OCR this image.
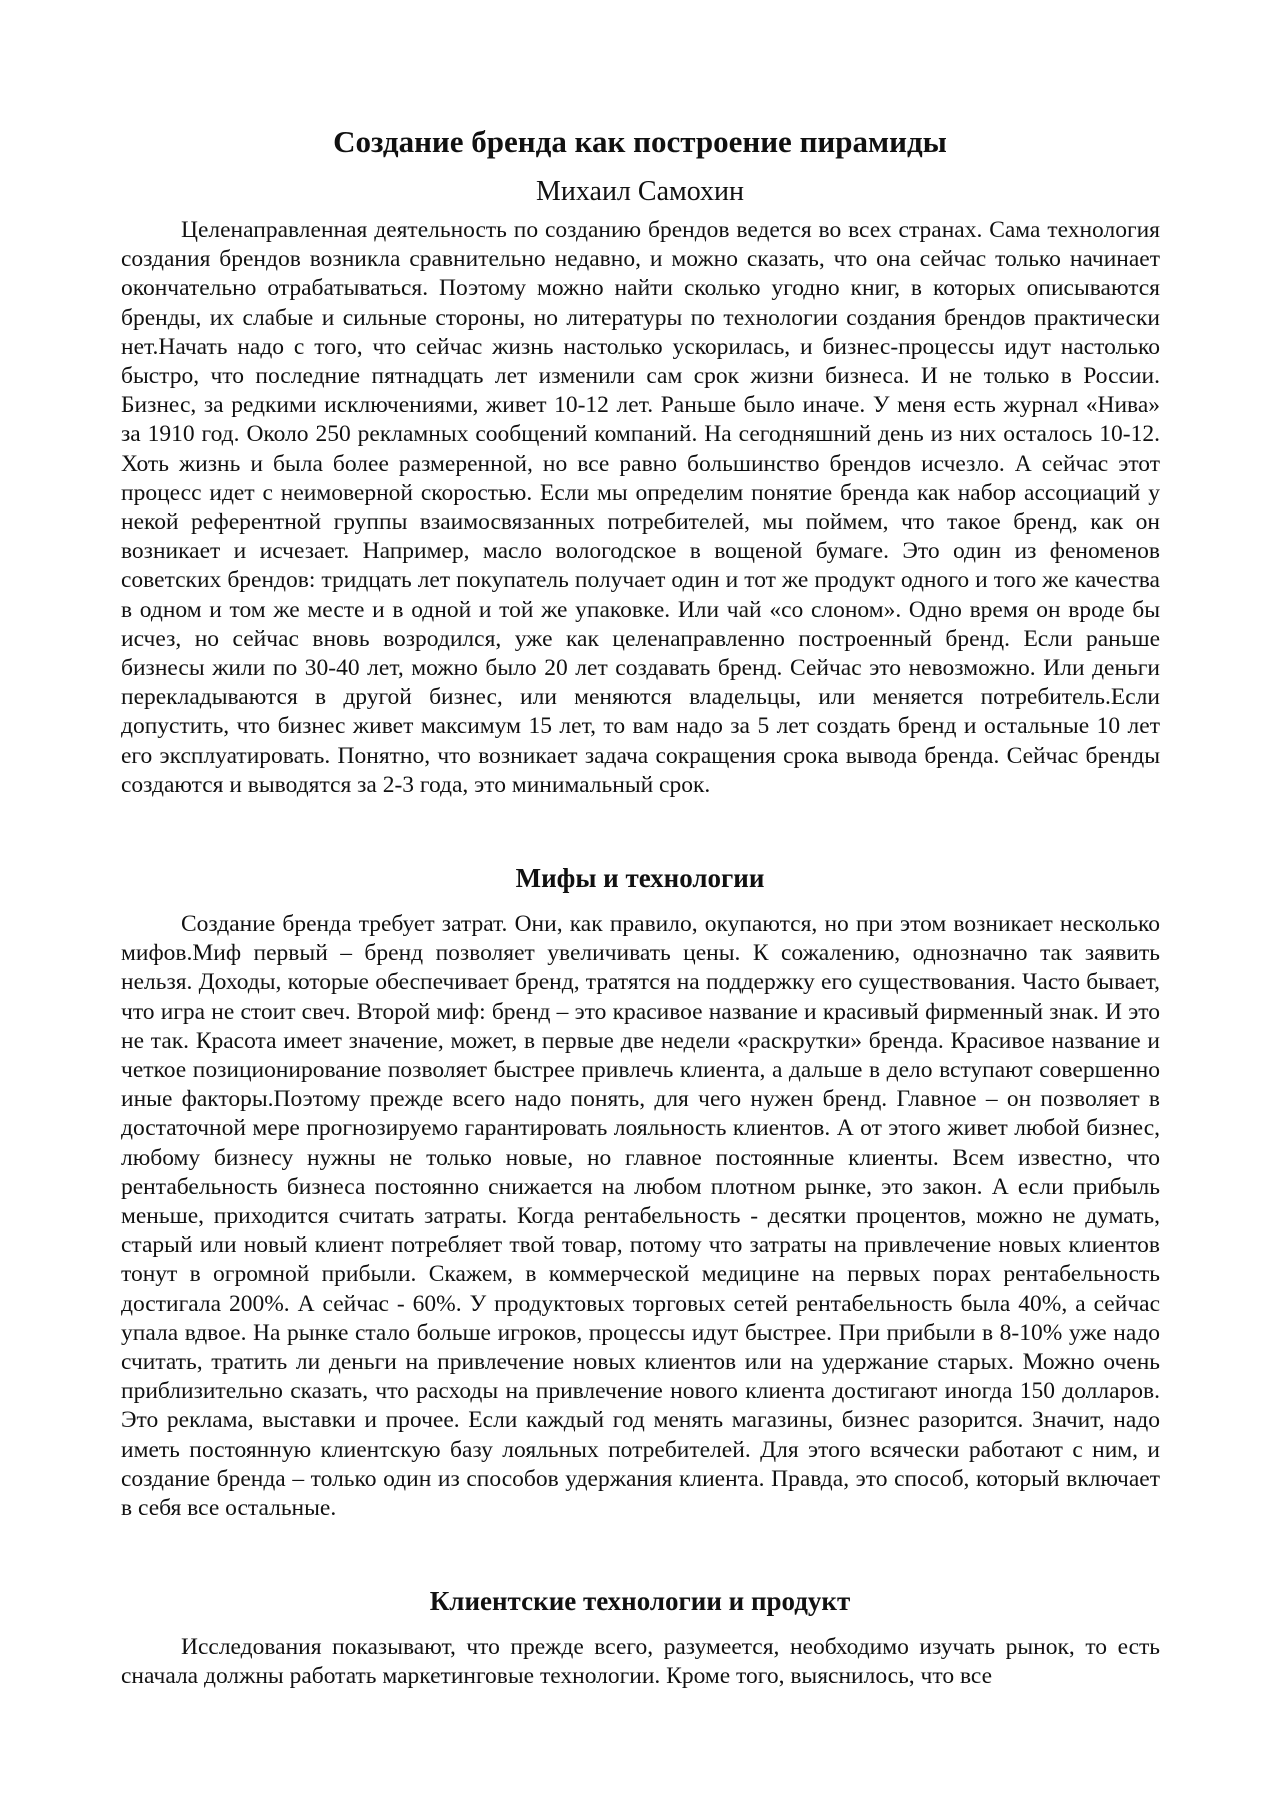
Создание бренда как построение пирамиды
Михаил Самохин

Целенаправленная деятельность по созданию брендов ведется во всех странах. Сама технология создания брендов возникла сравнительно недавно, и можно сказать, что она сейчас только начинает окончательно отрабатываться. Поэтому можно найти сколько угодно книг, в которых описываются бренды, их слабые и сильные стороны, но литературы по технологии создания брендов практически нет.Начать надо с того, что сейчас жизнь настолько ускорилась, и бизнес-процессы идут настолько быстро, что последние пятнадцать лет изменили сам срок жизни бизнеса. И не только в России. Бизнес, за редкими исключениями, живет 10-12 лет. Раньше было иначе. У меня есть журнал «Нива» за 1910 год. Около 250 рекламных сообщений компаний. На сегодняшний день из них осталось 10-12. Хоть жизнь и была более размеренной, но все равно большинство брендов исчезло. А сейчас этот процесс идет с неимоверной скоростью. Если мы определим понятие бренда как набор ассоциаций у некой референтной группы взаимосвязанных потребителей, мы поймем, что такое бренд, как он возникает и исчезает. Например, масло вологодское в вощеной бумаге. Это один из феноменов советских брендов: тридцать лет покупатель получает один и тот же продукт одного и того же качества в одном и том же месте и в одной и той же упаковке. Или чай «со слоном». Одно время он вроде бы исчез, но сейчас вновь возродился, уже как целенаправленно построенный бренд. Если раньше бизнесы жили по 30-40 лет, можно было 20 лет создавать бренд. Сейчас это невозможно. Или деньги перекладываются в другой бизнес, или меняются владельцы, или меняется потребитель.Если допустить, что бизнес живет максимум 15 лет, то вам надо за 5 лет создать бренд и остальные 10 лет его эксплуатировать. Понятно, что возникает задача сокращения срока вывода бренда. Сейчас бренды создаются и выводятся за 2-3 года, это минимальный срок.

Мифы и технологии

Создание бренда требует затрат. Они, как правило, окупаются, но при этом возникает несколько мифов.Миф первый – бренд позволяет увеличивать цены. К сожалению, однозначно так заявить нельзя. Доходы, которые обеспечивает бренд, тратятся на поддержку его существования. Часто бывает, что игра не стоит свеч. Второй миф: бренд – это красивое название и красивый фирменный знак. И это не так. Красота имеет значение, может, в первые две недели «раскрутки» бренда. Красивое название и четкое позиционирование позволяет быстрее привлечь клиента, а дальше в дело вступают совершенно иные факторы.Поэтому прежде всего надо понять, для чего нужен бренд. Главное – он позволяет в достаточной мере прогнозируемо гарантировать лояльность клиентов. А от этого живет любой бизнес, любому бизнесу нужны не только новые, но главное постоянные клиенты. Всем известно, что рентабельность бизнеса постоянно снижается на любом плотном рынке, это закон. А если прибыль меньше, приходится считать затраты. Когда рентабельность - десятки процентов, можно не думать, старый или новый клиент потребляет твой товар, потому что затраты на привлечение новых клиентов тонут в огромной прибыли. Скажем, в коммерческой медицине на первых порах рентабельность достигала 200%. А сейчас - 60%. У продуктовых торговых сетей рентабельность была 40%, а сейчас упала вдвое. На рынке стало больше игроков, процессы идут быстрее. При прибыли в 8-10% уже надо считать, тратить ли деньги на привлечение новых клиентов или на удержание старых. Можно очень приблизительно сказать, что расходы на привлечение нового клиента достигают иногда 150 долларов. Это реклама, выставки и прочее. Если каждый год менять магазины, бизнес разорится. Значит, надо иметь постоянную клиентскую базу лояльных потребителей. Для этого всячески работают с ним, и создание бренда – только один из способов удержания клиента. Правда, это способ, который включает в себя все остальные.

Клиентские технологии и продукт

Исследования показывают, что прежде всего, разумеется, необходимо изучать рынок, то есть сначала должны работать маркетинговые технологии. Кроме того, выяснилось, что все
